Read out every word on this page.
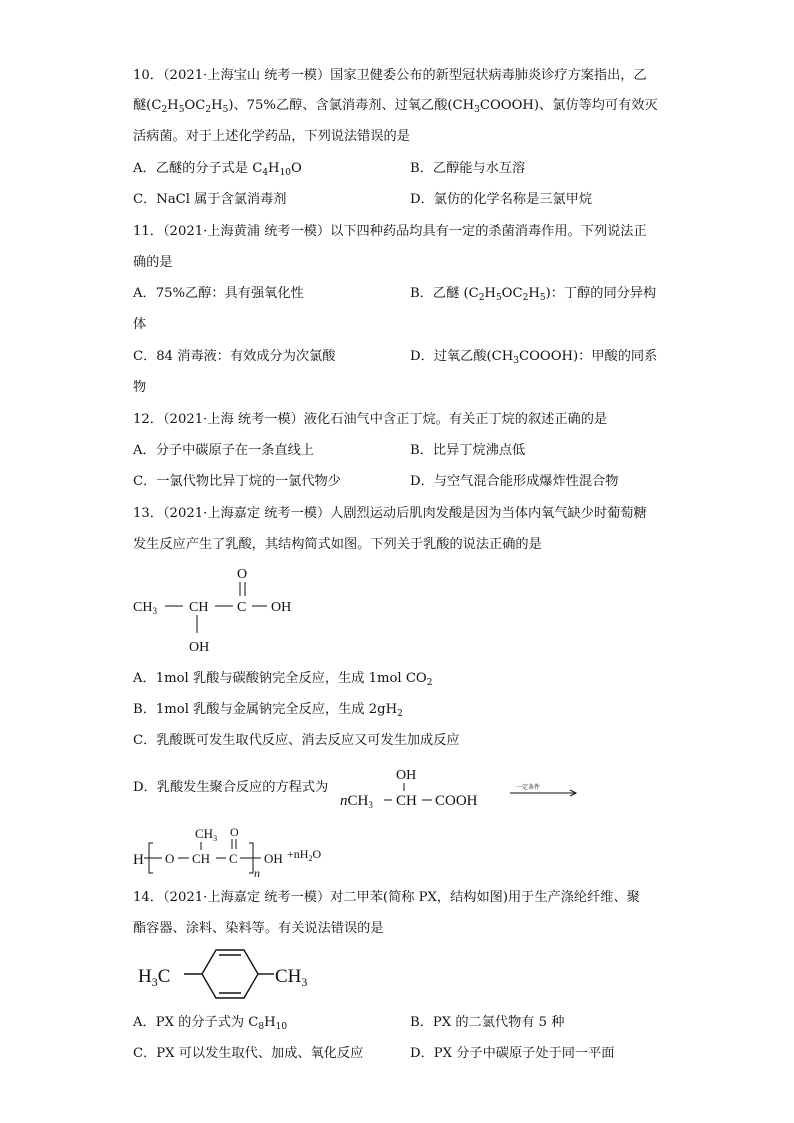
10．（2021·上海宝山 统考一模）国家卫健委公布的新型冠状病毒肺炎诊疗方案指出，乙
醚$(C_2H_5OC_2H_5)$、75%乙醇、含氯消毒剂、过氧乙酸$(CH_3COOOH)$、氯仿等均可有效灭
活病菌。对于上述化学药品，下列说法错误的是
A．乙醚的分子式是 $C_4H_{10}O$	B．乙醇能与水互溶
C．NaCl 属于含氯消毒剂	D．氯仿的化学名称是三氯甲烷
11．（2021·上海黄浦 统考一模）以下四种药品均具有一定的杀菌消毒作用。下列说法正
确的是
A．75%乙醇：具有强氧化性	B．乙醚 $(C_2H_5OC_2H_5)$：丁醇的同分异构
体
C．84 消毒液：有效成分为次氯酸	D．过氧乙酸$(CH_3COOOH)$：甲酸的同系
物
12．（2021·上海 统考一模）液化石油气中含正丁烷。有关正丁烷的叙述正确的是
A．分子中碳原子在一条直线上	B．比异丁烷沸点低
C．一氯代物比异丁烷的一氯代物少	D．与空气混合能形成爆炸性混合物
13．（2021·上海嘉定 统考一模）人剧烈运动后肌肉发酸是因为当体内氧气缺少时葡萄糖
发生反应产生了乳酸，其结构简式如图。下列关于乳酸的说法正确的是
$CH_3$ CH C OH
O
OH
A．1mol 乳酸与碳酸钠完全反应，生成 1mol $CO_2$
B．1mol 乳酸与金属钠完全反应，生成 $2gH_2$
C．乳酸既可发生取代反应、消去反应又可发生加成反应
D．乳酸发生聚合反应的方程式为
OH
nCH$_3$ CH COOH
一定条件
H O CH
$CH_3$
C
O
n
OH $+nH_2O$
14．（2021·上海嘉定 统考一模）对二甲苯(简称 PX，结构如图)用于生产涤纶纤维、聚
酯容器、涂料、染料等。有关说法错误的是
$H_3C$	$CH_3$
A．PX 的分子式为 $C_8H_{10}$	B．PX 的二氯代物有 5 种
C．PX 可以发生取代、加成、氧化反应	D．PX 分子中碳原子处于同一平面
